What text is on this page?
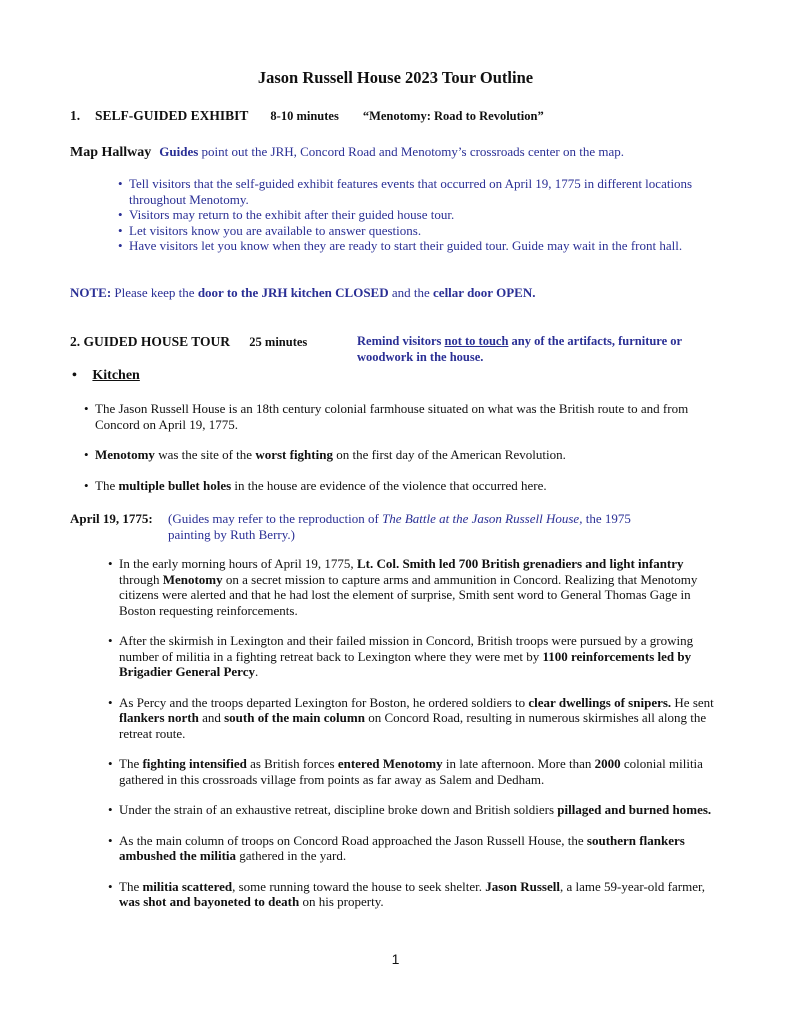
Jason Russell House 2023 Tour Outline
1. SELF-GUIDED EXHIBIT 8-10 minutes “Menotomy: Road to Revolution”
Map Hallway Guides point out the JRH, Concord Road and Menotomy’s crossroads center on the map.
• Tell visitors that the self-guided exhibit features events that occurred on April 19, 1775 in different locations throughout Menotomy.
• Visitors may return to the exhibit after their guided house tour.
• Let visitors know you are available to answer questions.
• Have visitors let you know when they are ready to start their guided tour. Guide may wait in the front hall.
NOTE: Please keep the door to the JRH kitchen CLOSED and the cellar door OPEN.
2. GUIDED HOUSE TOUR 25 minutes	Remind visitors not to touch any of the artifacts, furniture or woodwork in the house.
• Kitchen
• The Jason Russell House is an 18th century colonial farmhouse situated on what was the British route to and from Concord on April 19, 1775.
• Menotomy was the site of the worst fighting on the first day of the American Revolution.
• The multiple bullet holes in the house are evidence of the violence that occurred here.
April 19, 1775: (Guides may refer to the reproduction of The Battle at the Jason Russell House, the 1975 painting by Ruth Berry.)
• In the early morning hours of April 19, 1775, Lt. Col. Smith led 700 British grenadiers and light infantry through Menotomy on a secret mission to capture arms and ammunition in Concord. Realizing that Menotomy citizens were alerted and that he had lost the element of surprise, Smith sent word to General Thomas Gage in Boston requesting reinforcements.
• After the skirmish in Lexington and their failed mission in Concord, British troops were pursued by a growing number of militia in a fighting retreat back to Lexington where they were met by 1100 reinforcements led by Brigadier General Percy.
• As Percy and the troops departed Lexington for Boston, he ordered soldiers to clear dwellings of snipers. He sent flankers north and south of the main column on Concord Road, resulting in numerous skirmishes all along the retreat route.
• The fighting intensified as British forces entered Menotomy in late afternoon. More than 2000 colonial militia gathered in this crossroads village from points as far away as Salem and Dedham.
• Under the strain of an exhaustive retreat, discipline broke down and British soldiers pillaged and burned homes.
• As the main column of troops on Concord Road approached the Jason Russell House, the southern flankers ambushed the militia gathered in the yard.
• The militia scattered, some running toward the house to seek shelter. Jason Russell, a lame 59-year-old farmer, was shot and bayoneted to death on his property.
1
